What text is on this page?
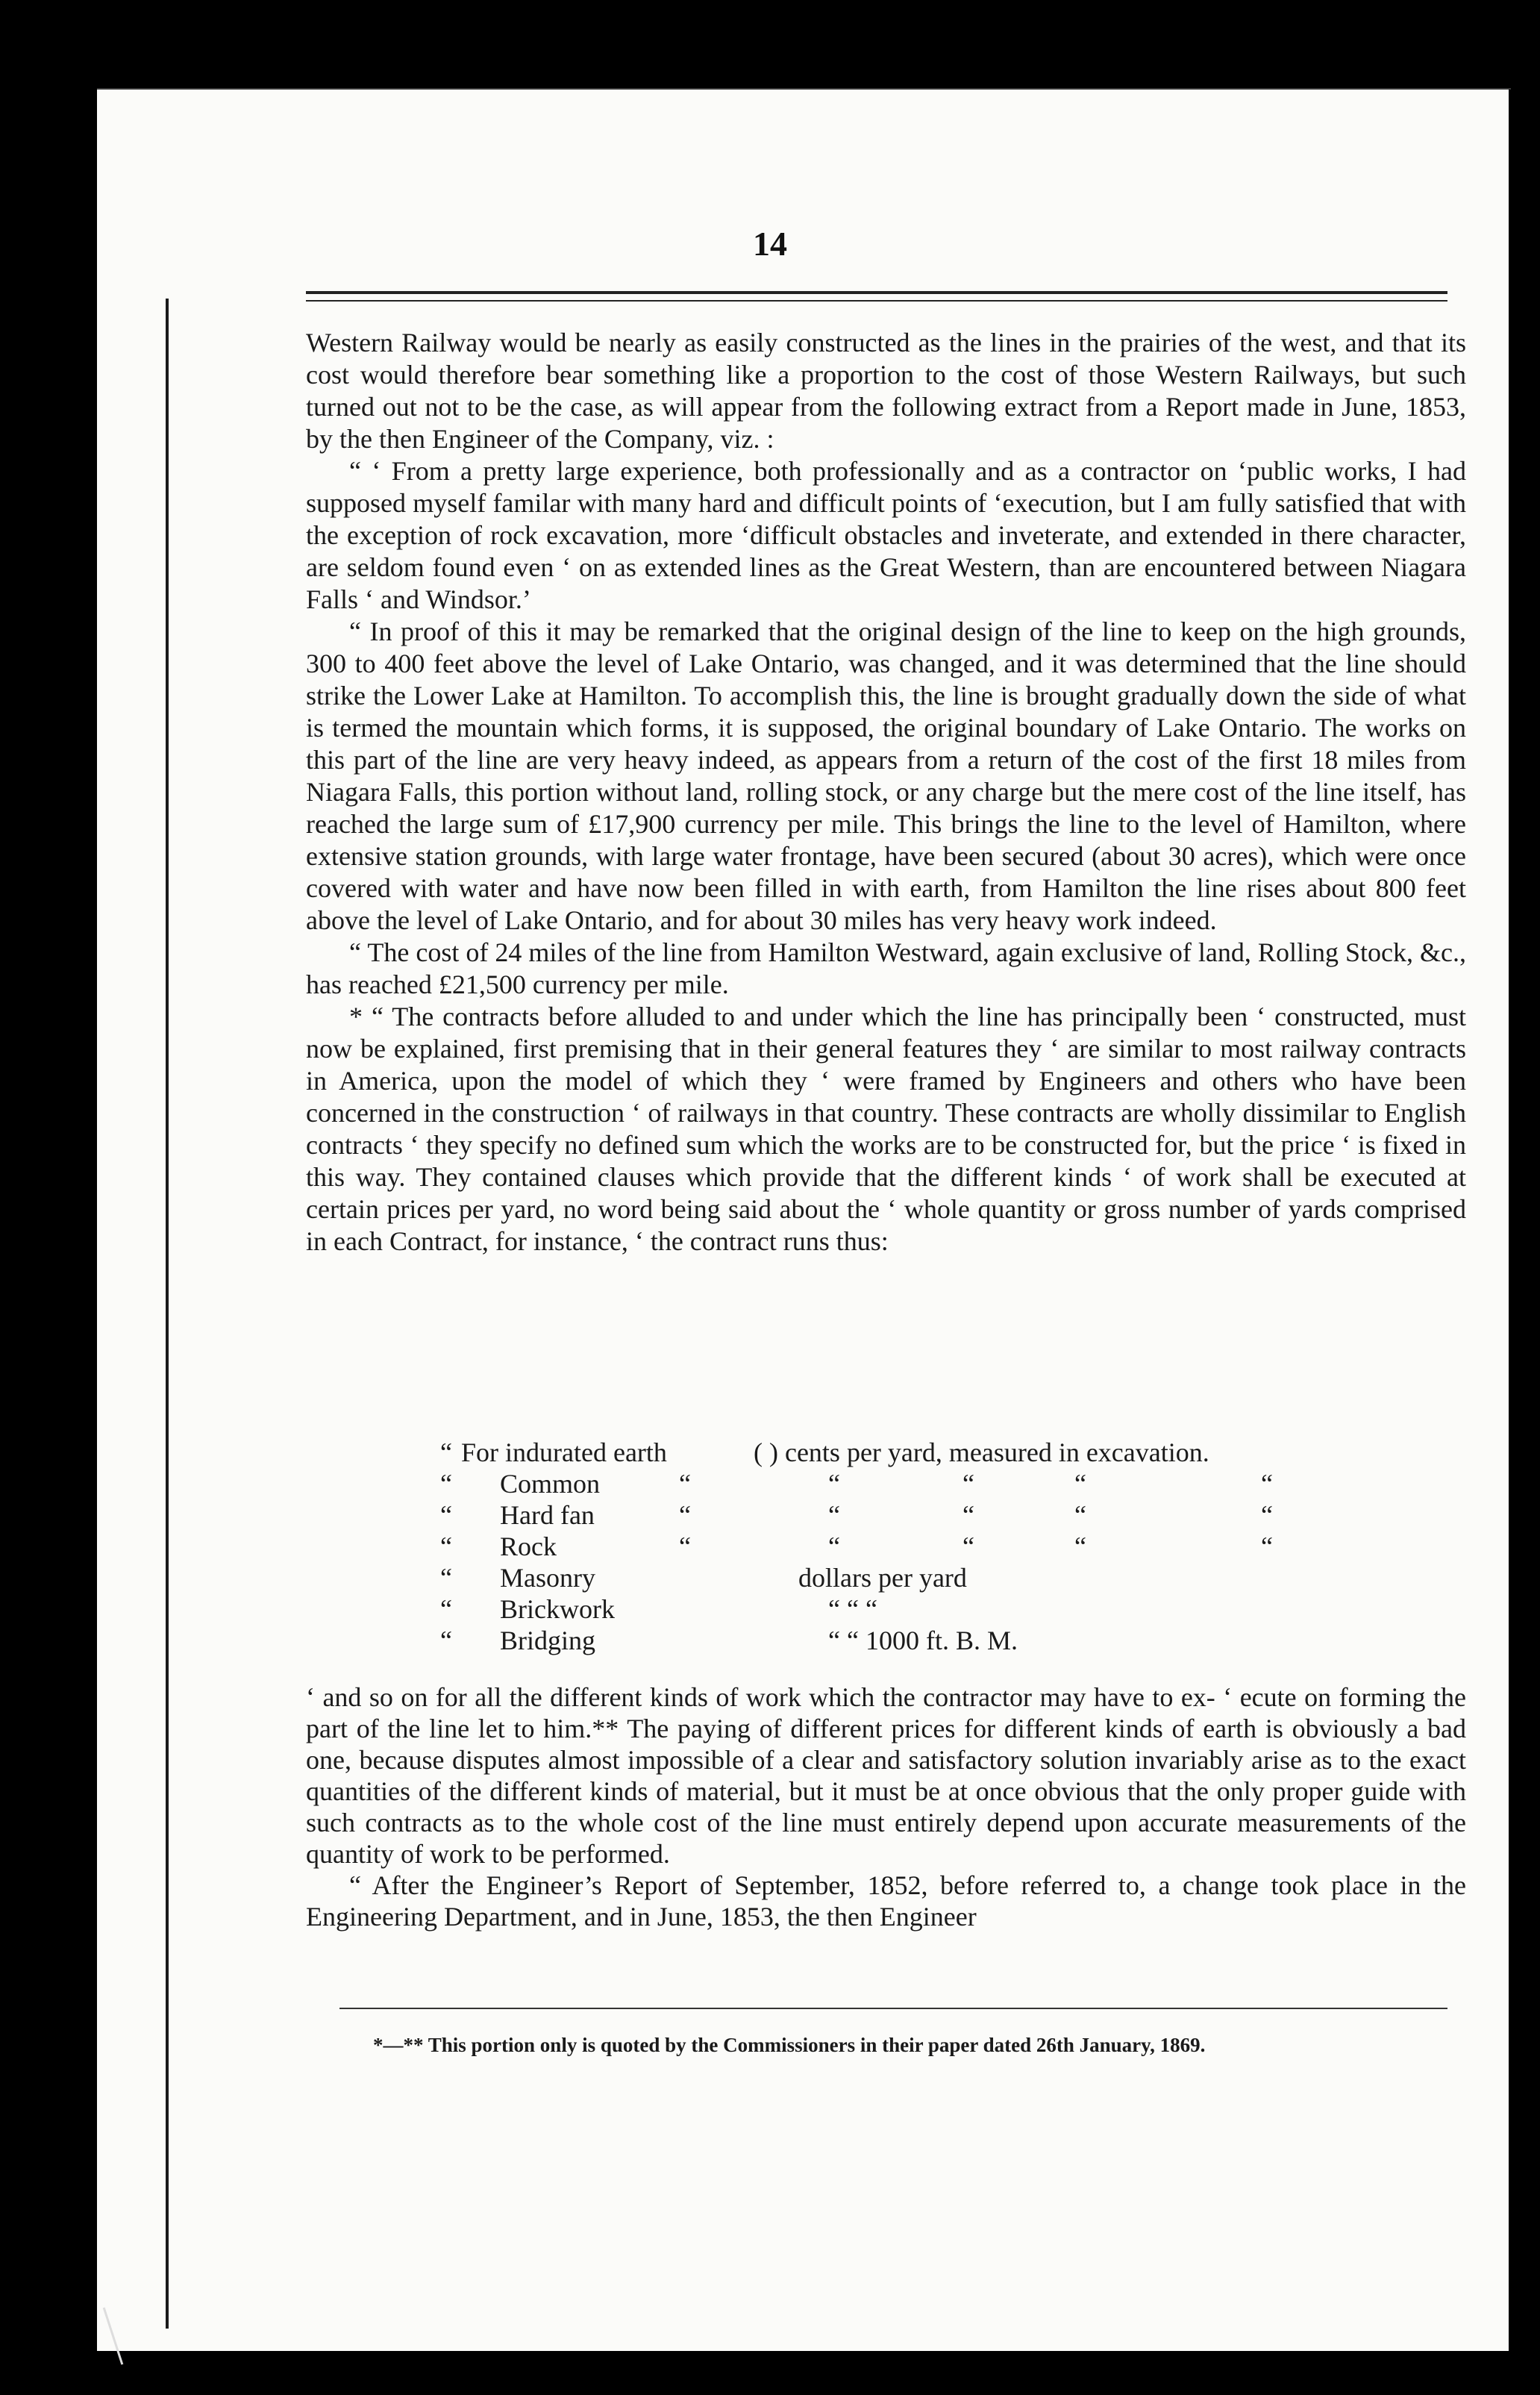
14

Western Railway would be nearly as easily constructed as the lines in the prairies of the west, and that its cost would therefore bear something like a proportion to the cost of those Western Railways, but such turned out not to be the case, as will appear from the following extract from a Report made in June, 1853, by the then Engineer of the Company, viz. :

“ ‘ From a pretty large experience, both professionally and as a contractor on ‘public works, I had supposed myself familar with many hard and difficult points of ‘execution, but I am fully satisfied that with the exception of rock excavation, more ‘difficult obstacles and inveterate, and extended in there character, are seldom found even ‘ on as extended lines as the Great Western, than are encountered between Niagara Falls ‘ and Windsor.’

“ In proof of this it may be remarked that the original design of the line to keep on the high grounds, 300 to 400 feet above the level of Lake Ontario, was changed, and it was determined that the line should strike the Lower Lake at Hamilton. To accomplish this, the line is brought gradually down the side of what is termed the mountain which forms, it is supposed, the original boundary of Lake Ontario. The works on this part of the line are very heavy indeed, as appears from a return of the cost of the first 18 miles from Niagara Falls, this portion without land, rolling stock, or any charge but the mere cost of the line itself, has reached the large sum of £17,900 currency per mile. This brings the line to the level of Hamilton, where extensive station grounds, with large water frontage, have been secured (about 30 acres), which were once covered with water and have now been filled in with earth, from Hamilton the line rises about 800 feet above the level of Lake Ontario, and for about 30 miles has very heavy work indeed.

“ The cost of 24 miles of the line from Hamilton Westward, again exclusive of land, Rolling Stock, &c., has reached £21,500 currency per mile.

* “ The contracts before alluded to and under which the line has principally been ‘ constructed, must now be explained, first premising that in their general features they ‘ are similar to most railway contracts in America, upon the model of which they ‘ were framed by Engineers and others who have been concerned in the construction ‘ of railways in that country. These contracts are wholly dissimilar to English contracts ‘ they specify no defined sum which the works are to be constructed for, but the price ‘ is fixed in this way. They contained clauses which provide that the different kinds ‘ of work shall be executed at certain prices per yard, no word being said about the ‘ whole quantity or gross number of yards comprised in each Contract, for instance, ‘ the contract runs thus:

“ For indurated earth	( ) cents per yard, measured in excavation.
“ Common	“	“	“	“	“
“ Hard fan	“	“	“	“	“
“ Rock	“	“	“	“	“
“ Masonry	dollars per yard
“ Brickwork	“ “ “
“ Bridging	“ “ 1000 ft. B. M.

‘ and so on for all the different kinds of work which the contractor may have to ex- ‘ ecute on forming the part of the line let to him.** The paying of different prices for different kinds of earth is obviously a bad one, because disputes almost impossible of a clear and satisfactory solution invariably arise as to the exact quantities of the different kinds of material, but it must be at once obvious that the only proper guide with such contracts as to the whole cost of the line must entirely depend upon accurate measurements of the quantity of work to be performed.

“ After the Engineer’s Report of September, 1852, before referred to, a change took place in the Engineering Department, and in June, 1853, the then Engineer

*—** This portion only is quoted by the Commissioners in their paper dated 26th January, 1869.
